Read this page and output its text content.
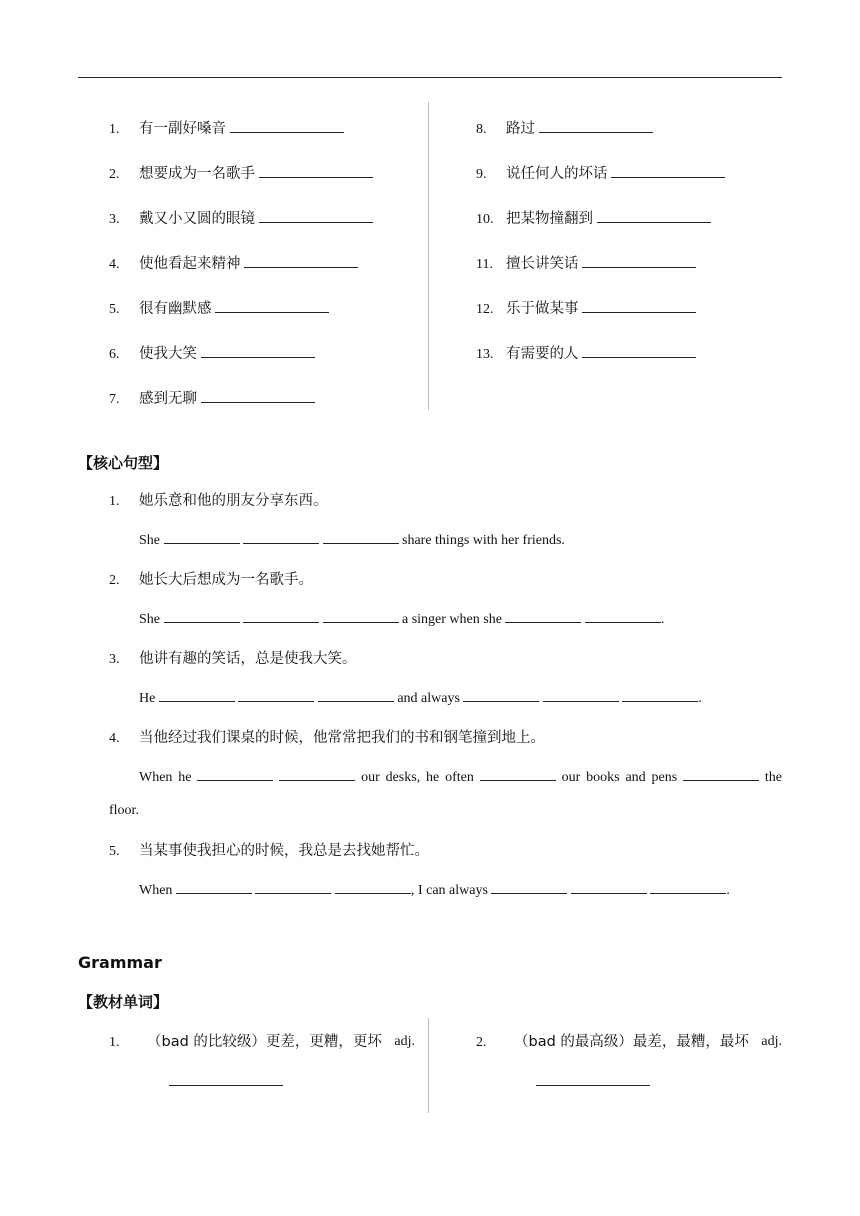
1. 有一副好嗓音
2. 想要成为一名歌手
3. 戴又小又圆的眼镜
4. 使他看起来精神
5. 很有幽默感
6. 使我大笑
7. 感到无聊
8. 路过
9. 说任何人的坏话
10. 把某物撞翻到
11. 擅长讲笑话
12. 乐于做某事
13. 有需要的人
【核心句型】
1. 她乐意和他的朋友分享东西。
She	share things with her friends.
2. 她长大后想成为一名歌手。
She	a singer when she	.
3. 他讲有趣的笑话，总是使我大笑。
He	and always	.
4. 当他经过我们课桌的时候，他常常把我们的书和钢笔撞到地上。
When he	our desks, he often	our books and pens	the
floor.
5. 当某事使我担心的时候，我总是去找她帮忙。
When	, I can always	.
Grammar
【教材单词】
1. （bad 的比较级）更差，更糟，更坏 adj.	2. （bad 的最高级）最差，最糟，最坏 adj.
